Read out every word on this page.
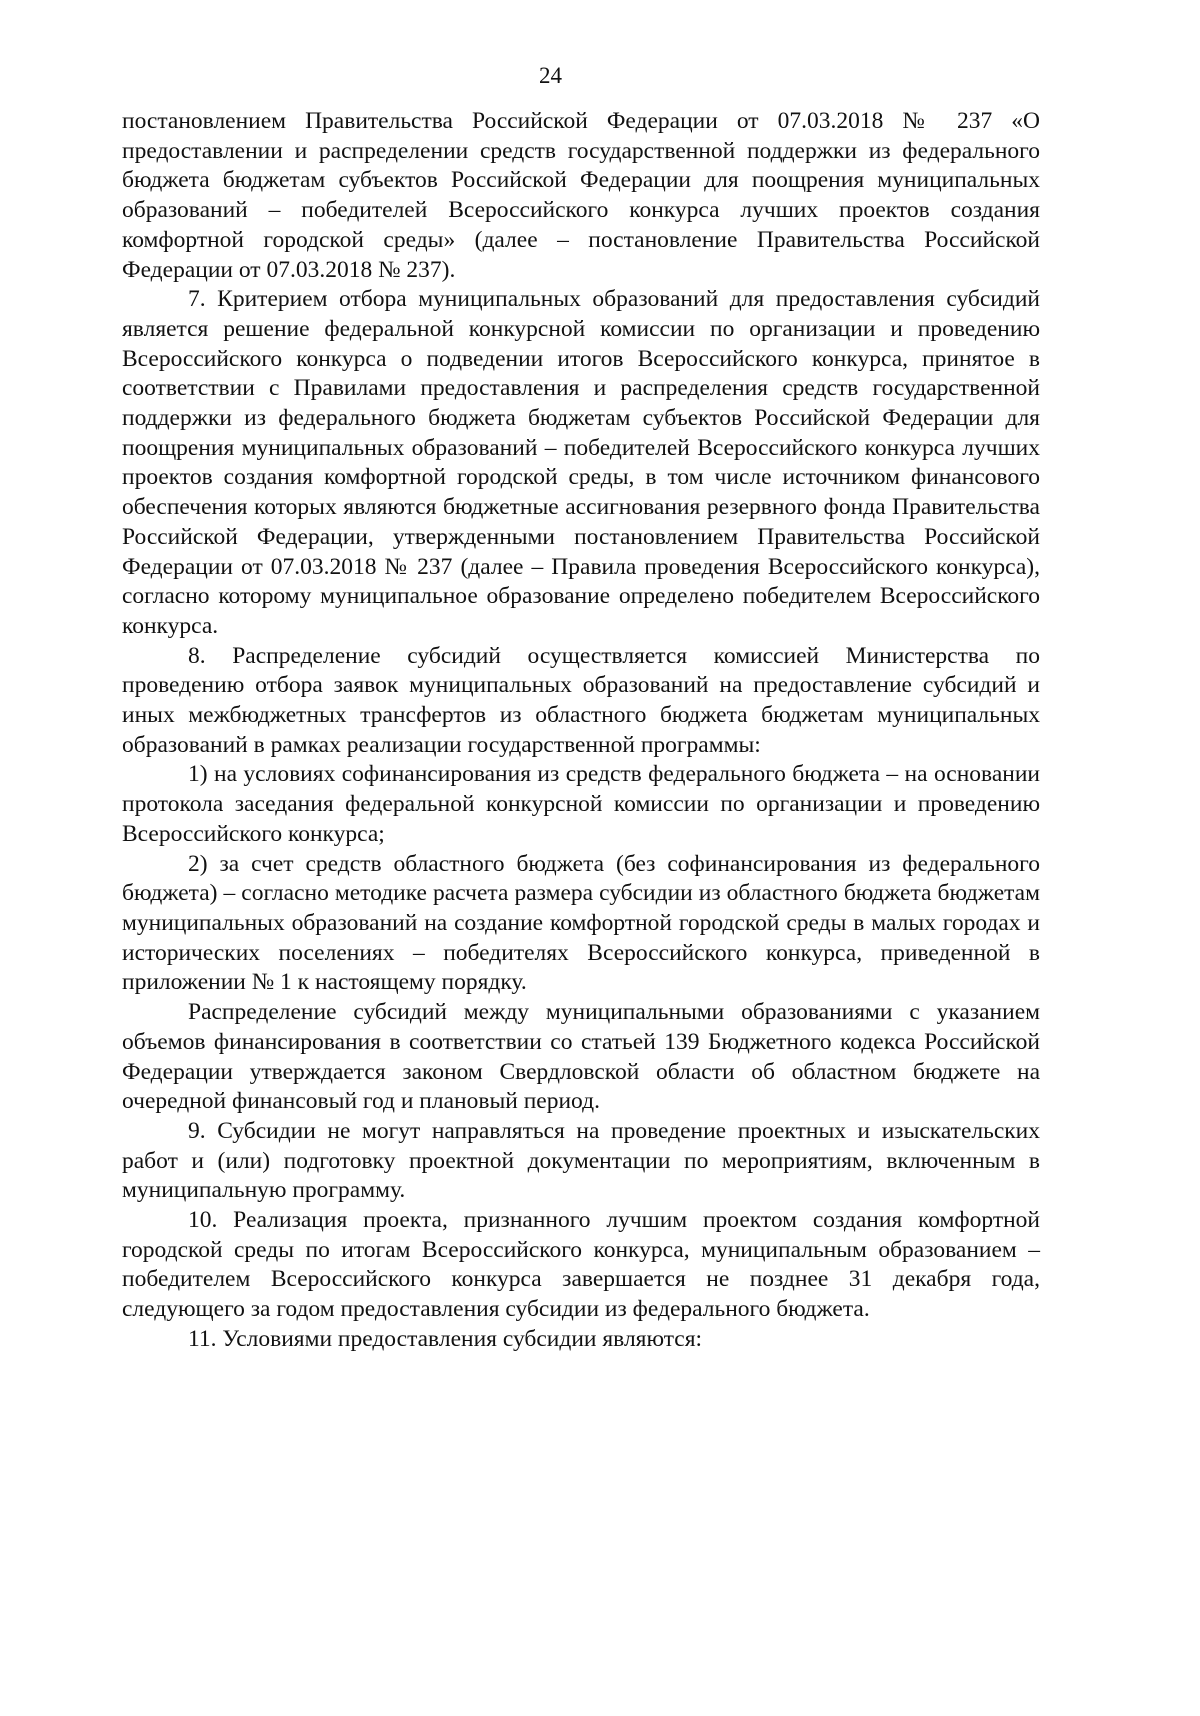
24

постановлением Правительства Российской Федерации от 07.03.2018 № 237 «О предоставлении и распределении средств государственной поддержки из федерального бюджета бюджетам субъектов Российской Федерации для поощрения муниципальных образований – победителей Всероссийского конкурса лучших проектов создания комфортной городской среды» (далее – постановление Правительства Российской Федерации от 07.03.2018 № 237).

7. Критерием отбора муниципальных образований для предоставления субсидий является решение федеральной конкурсной комиссии по организации и проведению Всероссийского конкурса о подведении итогов Всероссийского конкурса, принятое в соответствии с Правилами предоставления и распределения средств государственной поддержки из федерального бюджета бюджетам субъектов Российской Федерации для поощрения муниципальных образований – победителей Всероссийского конкурса лучших проектов создания комфортной городской среды, в том числе источником финансового обеспечения которых являются бюджетные ассигнования резервного фонда Правительства Российской Федерации, утвержденными постановлением Правительства Российской Федерации от 07.03.2018 № 237 (далее – Правила проведения Всероссийского конкурса), согласно которому муниципальное образование определено победителем Всероссийского конкурса.

8. Распределение субсидий осуществляется комиссией Министерства по проведению отбора заявок муниципальных образований на предоставление субсидий и иных межбюджетных трансфертов из областного бюджета бюджетам муниципальных образований в рамках реализации государственной программы:

1) на условиях софинансирования из средств федерального бюджета – на основании протокола заседания федеральной конкурсной комиссии по организации и проведению Всероссийского конкурса;

2) за счет средств областного бюджета (без софинансирования из федерального бюджета) – согласно методике расчета размера субсидии из областного бюджета бюджетам муниципальных образований на создание комфортной городской среды в малых городах и исторических поселениях – победителях Всероссийского конкурса, приведенной в приложении № 1 к настоящему порядку.

Распределение субсидий между муниципальными образованиями с указанием объемов финансирования в соответствии со статьей 139 Бюджетного кодекса Российской Федерации утверждается законом Свердловской области об областном бюджете на очередной финансовый год и плановый период.

9. Субсидии не могут направляться на проведение проектных и изыскательских работ и (или) подготовку проектной документации по мероприятиям, включенным в муниципальную программу.

10. Реализация проекта, признанного лучшим проектом создания комфортной городской среды по итогам Всероссийского конкурса, муниципальным образованием – победителем Всероссийского конкурса завершается не позднее 31 декабря года, следующего за годом предоставления субсидии из федерального бюджета.

11. Условиями предоставления субсидии являются:
